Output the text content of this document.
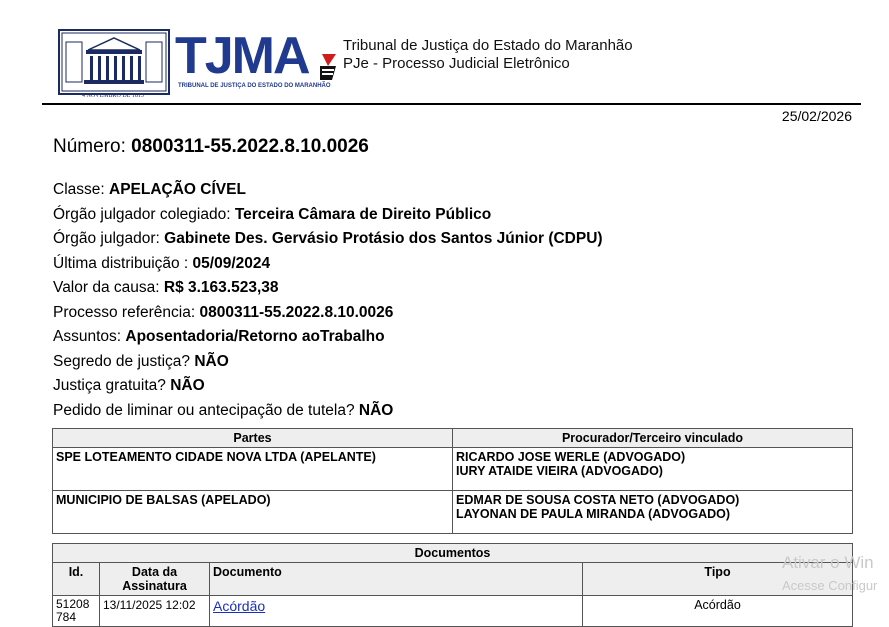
4 NOVEMBRO DE 1813
TJMA
TRIBUNAL DE JUSTIÇA DO ESTADO DO MARANHÃO
Tribunal de Justiça do Estado do Maranhão
PJe - Processo Judicial Eletrônico
25/02/2026
Número: 0800311-55.2022.8.10.0026
Classe: APELAÇÃO CÍVEL
Órgão julgador colegiado: Terceira Câmara de Direito Público
Órgão julgador: Gabinete Des. Gervásio Protásio dos Santos Júnior (CDPU)
Última distribuição : 05/09/2024
Valor da causa: R$ 3.163.523,38
Processo referência: 0800311-55.2022.8.10.0026
Assuntos: Aposentadoria/Retorno aoTrabalho
Segredo de justiça? NÃO
Justiça gratuita? NÃO
Pedido de liminar ou antecipação de tutela? NÃO
Partes	Procurador/Terceiro vinculado
SPE LOTEAMENTO CIDADE NOVA LTDA (APELANTE)	RICARDO JOSE WERLE (ADVOGADO)
IURY ATAIDE VIEIRA (ADVOGADO)

MUNICIPIO DE BALSAS (APELADO)	EDMAR DE SOUSA COSTA NETO (ADVOGADO)
LAYONAN DE PAULA MIRANDA (ADVOGADO)
Documentos			
Id.	Data da Assinatura	Documento	Tipo

51208
784	13/11/2025 12:02	Acórdão	Acórdão
Ativar o Win
Acesse Configur
